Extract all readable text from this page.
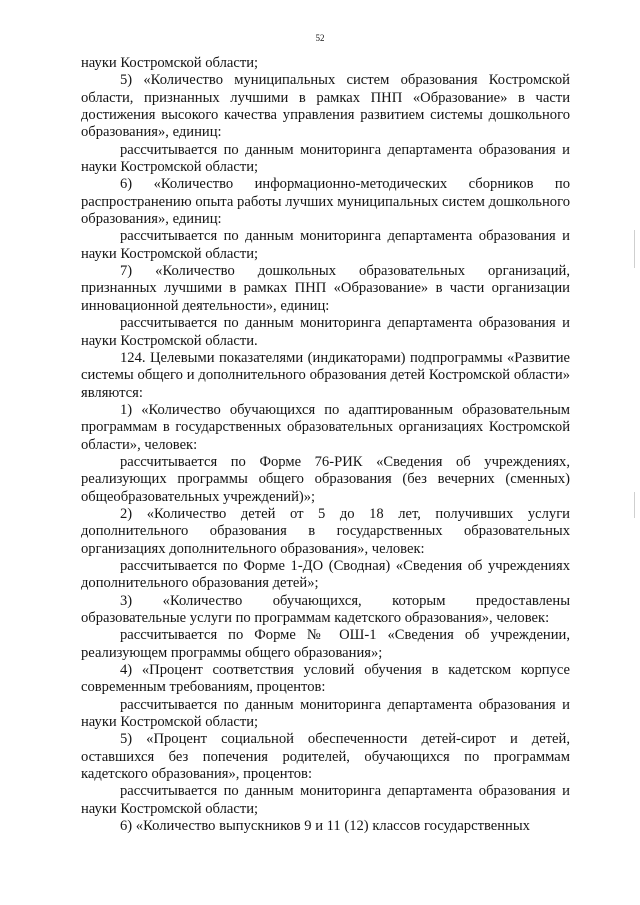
52

науки Костромской области;

5) «Количество муниципальных систем образования Костромской области, признанных лучшими в рамках ПНП «Образование» в части достижения высокого качества управления развитием системы дошкольного образования», единиц:

рассчитывается по данным мониторинга департамента образования и науки Костромской области;

6) «Количество информационно-методических сборников по распространению опыта работы лучших муниципальных систем дошкольного образования», единиц:

рассчитывается по данным мониторинга департамента образования и науки Костромской области;

7) «Количество дошкольных образовательных организаций, признанных лучшими в рамках ПНП «Образование» в части организации инновационной деятельности», единиц:

рассчитывается по данным мониторинга департамента образования и науки Костромской области.

124. Целевыми показателями (индикаторами) подпрограммы «Развитие системы общего и дополнительного образования детей Костромской области» являются:

1) «Количество обучающихся по адаптированным образовательным программам в государственных образовательных организациях Костромской области», человек:

рассчитывается по Форме 76-РИК «Сведения об учреждениях, реализующих программы общего образования (без вечерних (сменных) общеобразовательных учреждений)»;

2) «Количество детей от 5 до 18 лет, получивших услуги дополнительного образования в государственных образовательных организациях дополнительного образования», человек:

рассчитывается по Форме 1-ДО (Сводная) «Сведения об учреждениях дополнительного образования детей»;

3) «Количество обучающихся, которым предоставлены образовательные услуги по программам кадетского образования», человек:

рассчитывается по Форме № ОШ-1 «Сведения об учреждении, реализующем программы общего образования»;

4) «Процент соответствия условий обучения в кадетском корпусе современным требованиям, процентов:

рассчитывается по данным мониторинга департамента образования и науки Костромской области;

5) «Процент социальной обеспеченности детей-сирот и детей, оставшихся без попечения родителей, обучающихся по программам кадетского образования», процентов:

рассчитывается по данным мониторинга департамента образования и науки Костромской области;

6) «Количество выпускников 9 и 11 (12) классов государственных
